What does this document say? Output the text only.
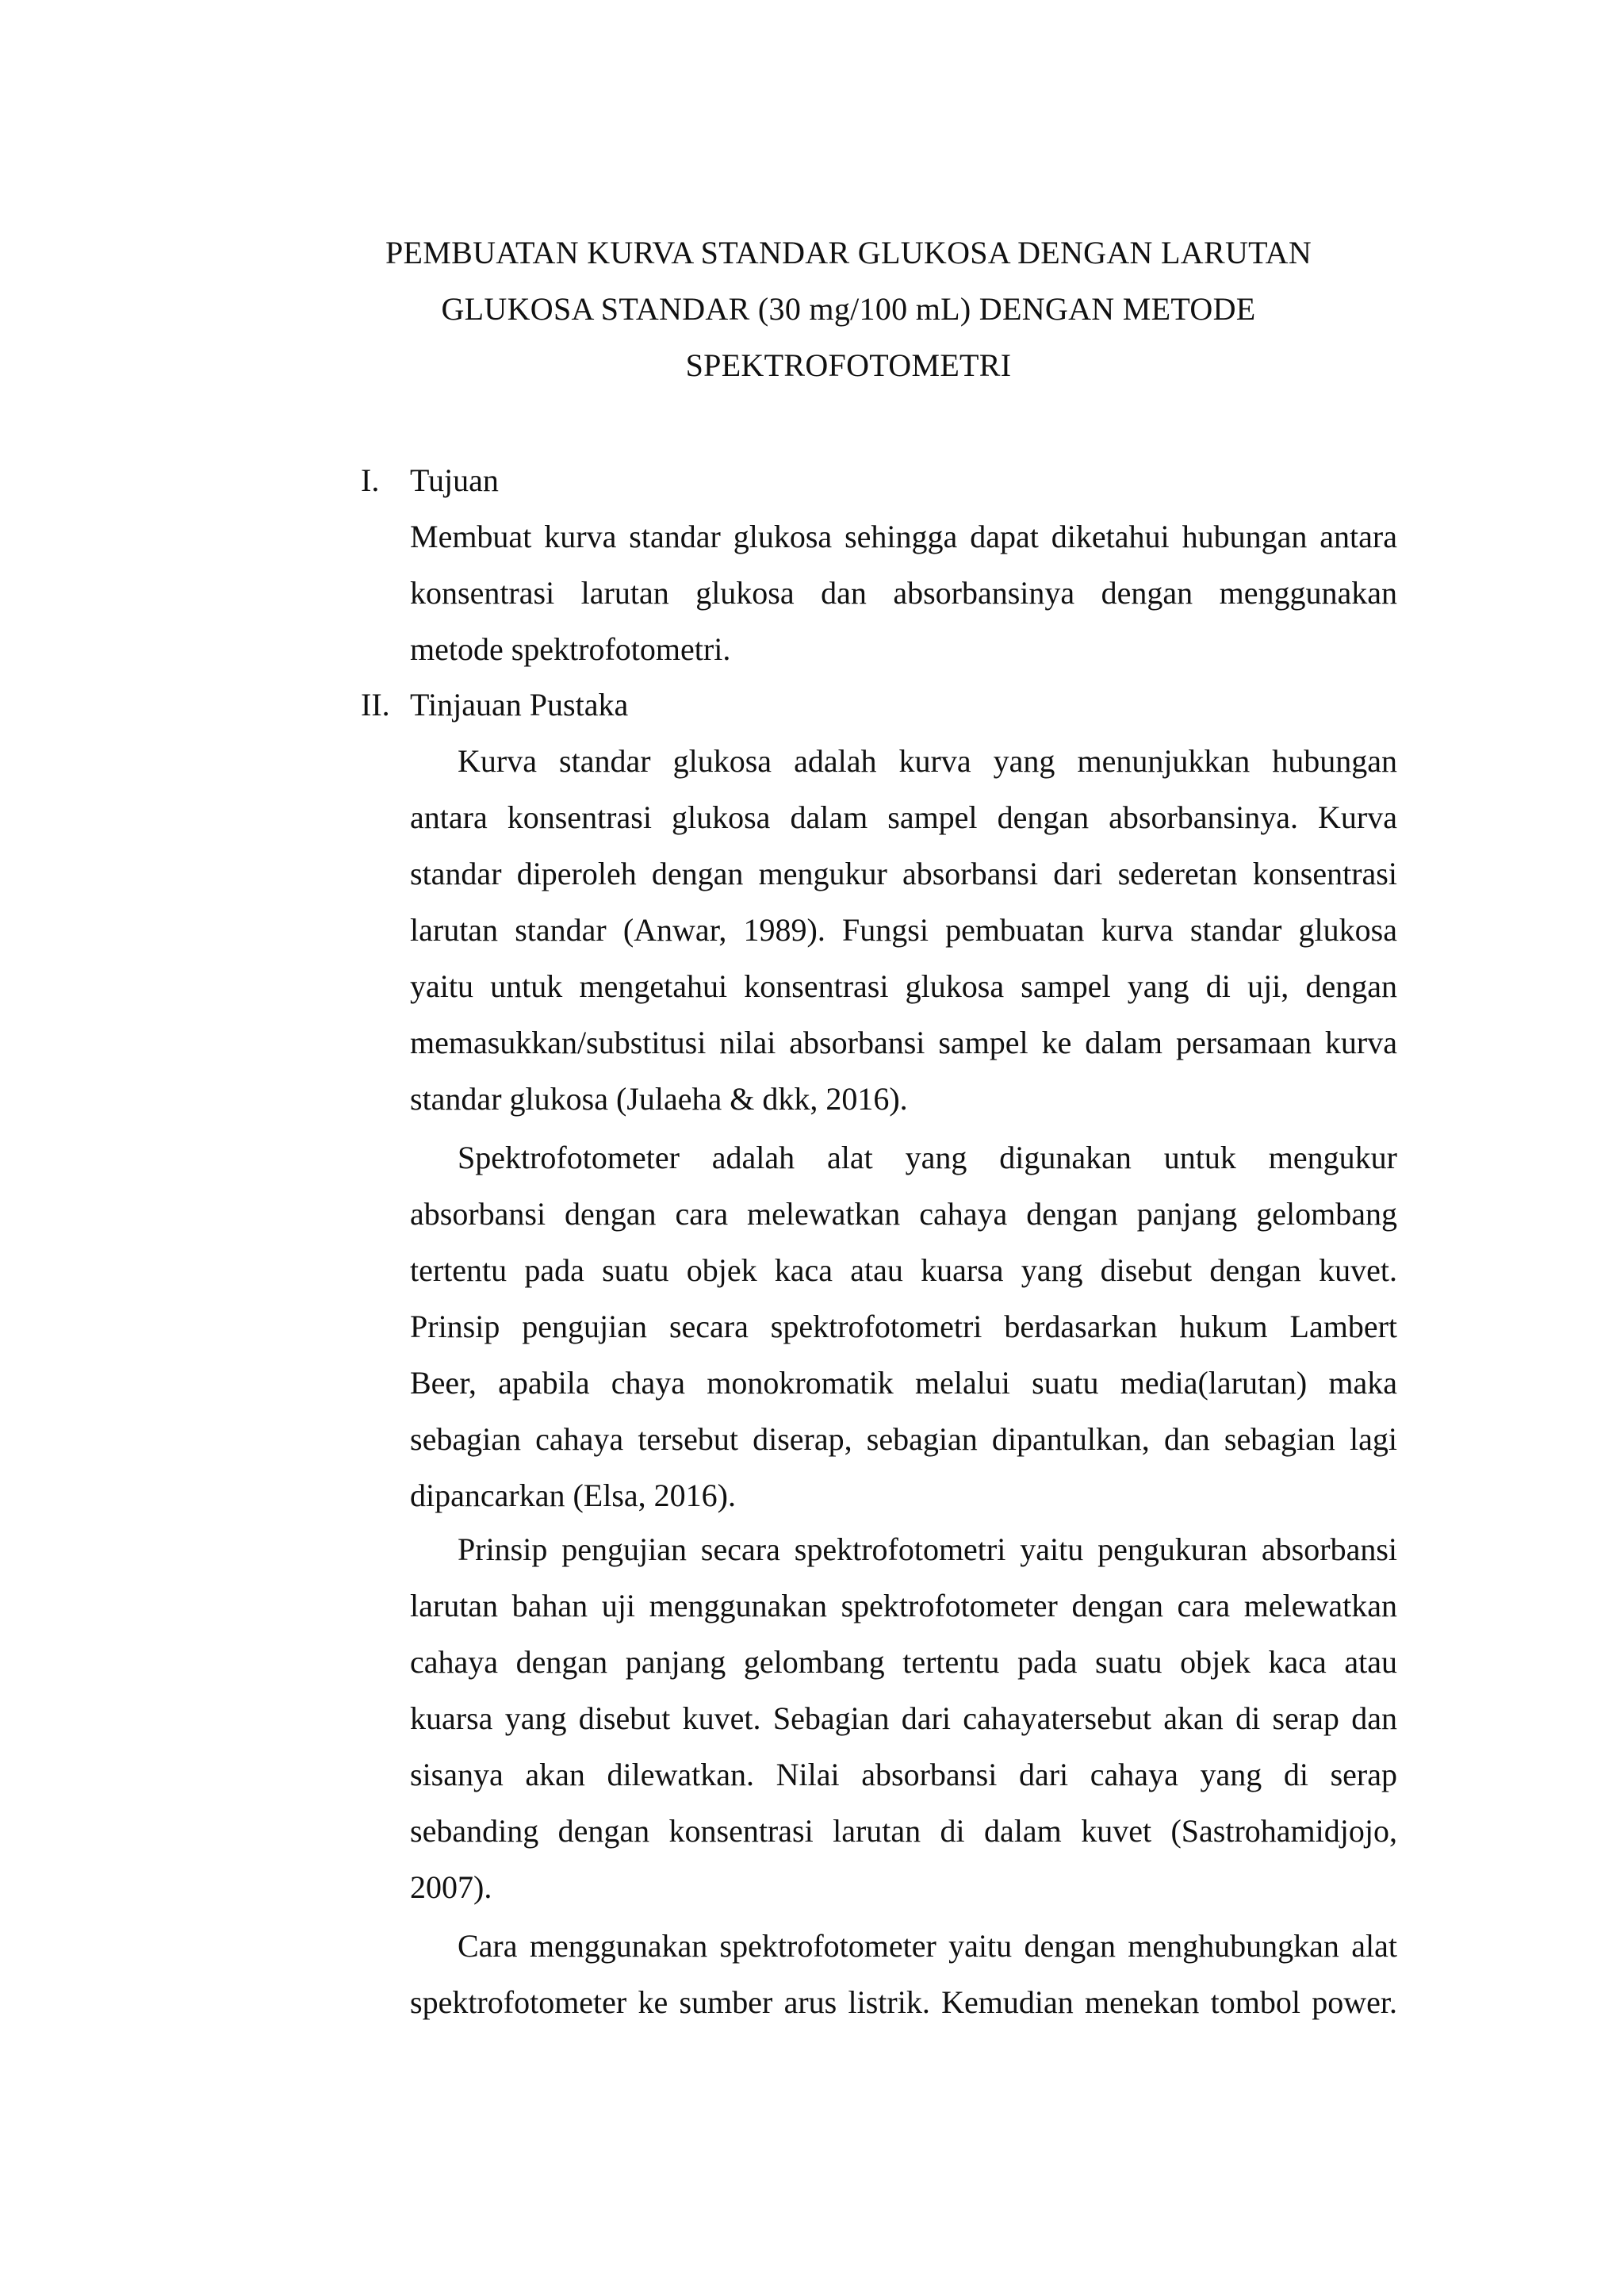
PEMBUATAN KURVA STANDAR GLUKOSA DENGAN LARUTAN
GLUKOSA STANDAR (30 mg/100 mL) DENGAN METODE
SPEKTROFOTOMETRI
I. Tujuan
Membuat kurva standar glukosa sehingga dapat diketahui hubungan antara
konsentrasi larutan glukosa dan absorbansinya dengan menggunakan
metode spektrofotometri.
II. Tinjauan Pustaka
Kurva standar glukosa adalah kurva yang menunjukkan hubungan
antara konsentrasi glukosa dalam sampel dengan absorbansinya. Kurva
standar diperoleh dengan mengukur absorbansi dari sederetan konsentrasi
larutan standar (Anwar, 1989). Fungsi pembuatan kurva standar glukosa
yaitu untuk mengetahui konsentrasi glukosa sampel yang di uji, dengan
memasukkan/substitusi nilai absorbansi sampel ke dalam persamaan kurva
standar glukosa (Julaeha & dkk, 2016).
Spektrofotometer adalah alat yang digunakan untuk mengukur
absorbansi dengan cara melewatkan cahaya dengan panjang gelombang
tertentu pada suatu objek kaca atau kuarsa yang disebut dengan kuvet.
Prinsip pengujian secara spektrofotometri berdasarkan hukum Lambert
Beer, apabila chaya monokromatik melalui suatu media(larutan) maka
sebagian cahaya tersebut diserap, sebagian dipantulkan, dan sebagian lagi
dipancarkan (Elsa, 2016).
Prinsip pengujian secara spektrofotometri yaitu pengukuran absorbansi
larutan bahan uji menggunakan spektrofotometer dengan cara melewatkan
cahaya dengan panjang gelombang tertentu pada suatu objek kaca atau
kuarsa yang disebut kuvet. Sebagian dari cahayatersebut akan di serap dan
sisanya akan dilewatkan. Nilai absorbansi dari cahaya yang di serap
sebanding dengan konsentrasi larutan di dalam kuvet (Sastrohamidjojo,
2007).
Cara menggunakan spektrofotometer yaitu dengan menghubungkan alat
spektrofotometer ke sumber arus listrik. Kemudian menekan tombol power.
